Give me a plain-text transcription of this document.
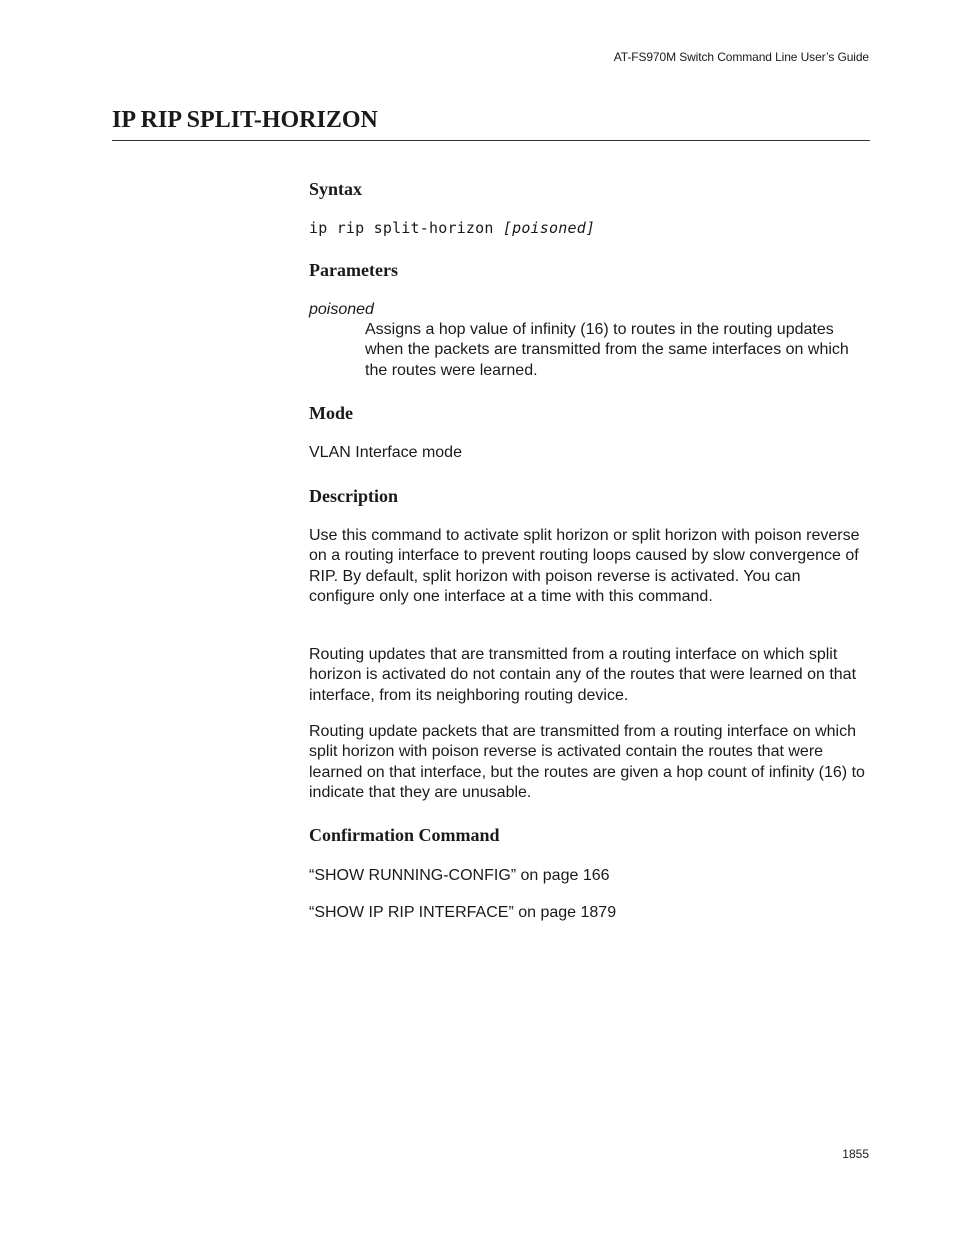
AT-FS970M Switch Command Line User’s Guide
IP RIP SPLIT-HORIZON
Syntax

ip rip split-horizon [poisoned]

Parameters

poisoned

Assigns a hop value of infinity (16) to routes in the routing updates when the packets are transmitted from the same interfaces on which the routes were learned.

Mode

VLAN Interface mode

Description

Use this command to activate split horizon or split horizon with poison reverse on a routing interface to prevent routing loops caused by slow convergence of RIP. By default, split horizon with poison reverse is activated. You can configure only one interface at a time with this command.

Routing updates that are transmitted from a routing interface on which split horizon is activated do not contain any of the routes that were learned on that interface, from its neighboring routing device.

Routing update packets that are transmitted from a routing interface on which split horizon with poison reverse is activated contain the routes that were learned on that interface, but the routes are given a hop count of infinity (16) to indicate that they are unusable.

Confirmation Command

“SHOW RUNNING-CONFIG” on page 166

“SHOW IP RIP INTERFACE” on page 1879

1855
